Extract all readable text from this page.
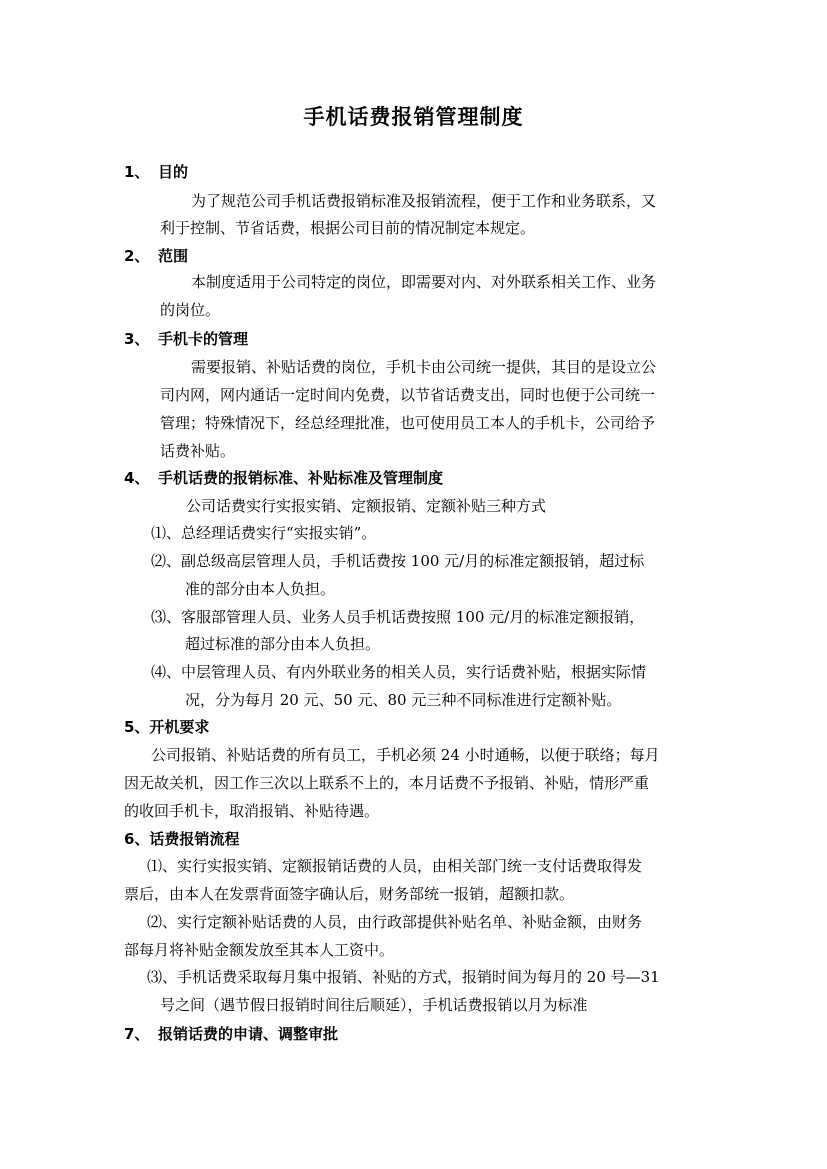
手机话费报销管理制度
1、 目的
为了规范公司手机话费报销标准及报销流程，便于工作和业务联系，又
利于控制、节省话费，根据公司目前的情况制定本规定。
2、 范围
本制度适用于公司特定的岗位，即需要对内、对外联系相关工作、业务
的岗位。
3、 手机卡的管理
需要报销、补贴话费的岗位，手机卡由公司统一提供，其目的是设立公
司内网，网内通话一定时间内免费，以节省话费支出，同时也便于公司统一
管理；特殊情况下，经总经理批准，也可使用员工本人的手机卡，公司给予
话费补贴。
4、 手机话费的报销标准、补贴标准及管理制度
公司话费实行实报实销、定额报销、定额补贴三种方式
⑴、总经理话费实行“实报实销”。
⑵、副总级高层管理人员，手机话费按 100 元/月的标准定额报销，超过标
准的部分由本人负担。
⑶、客服部管理人员、业务人员手机话费按照 100 元/月的标准定额报销，
超过标准的部分由本人负担。
⑷、中层管理人员、有内外联业务的相关人员，实行话费补贴，根据实际情
况，分为每月 20 元、50 元、80 元三种不同标准进行定额补贴。
5、开机要求
公司报销、补贴话费的所有员工，手机必须 24 小时通畅，以便于联络；每月
因无故关机，因工作三次以上联系不上的，本月话费不予报销、补贴，情形严重
的收回手机卡，取消报销、补贴待遇。
6、话费报销流程
⑴、实行实报实销、定额报销话费的人员，由相关部门统一支付话费取得发
票后，由本人在发票背面签字确认后，财务部统一报销，超额扣款。
⑵、实行定额补贴话费的人员，由行政部提供补贴名单、补贴金额，由财务
部每月将补贴金额发放至其本人工资中。
⑶、手机话费采取每月集中报销、补贴的方式，报销时间为每月的 20 号—31
号之间（遇节假日报销时间往后顺延），手机话费报销以月为标准
7、 报销话费的申请、调整审批
